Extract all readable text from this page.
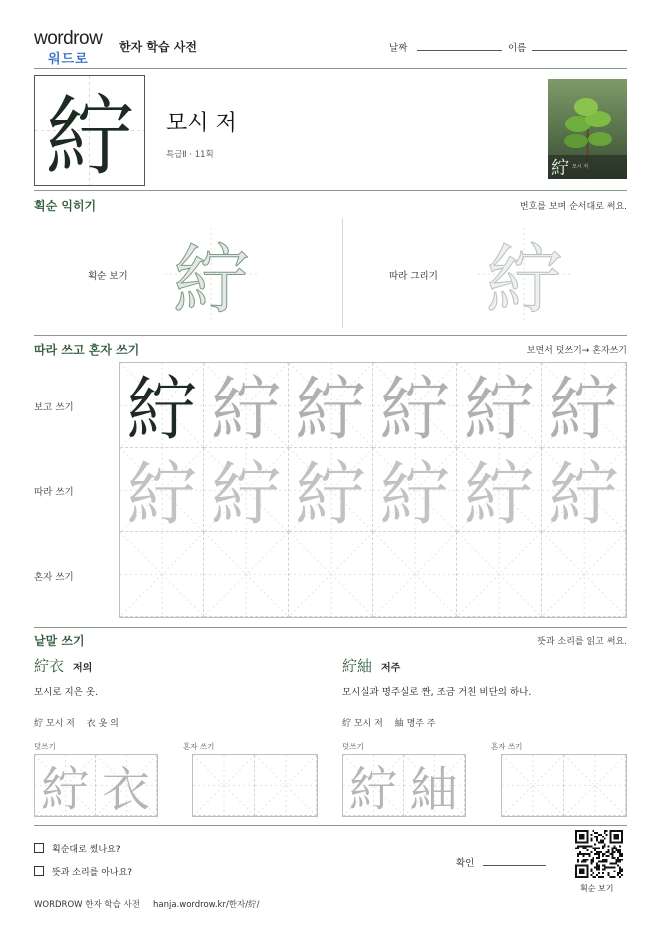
wordrow
워드로
한자 학습 사전	날짜	이름
紵	모시 저
특급Ⅱ · 11획
紵 모시 저
획순 익히기	번호를 보며 순서대로 써요.
획순 보기 紵	따라 그리기 紵
따라 쓰고 혼자 쓰기	보면서 덧쓰기→ 혼자쓰기
보고 쓰기
따라 쓰기
혼자 쓰기
紵 紵 紵 紵 紵 紵
紵 紵 紵 紵 紵 紵
낱말 쓰기	뜻과 소리를 읽고 써요.
紵衣 저의
모시로 지은 옷.
紵 모시 저 衣 옷 의
덧쓰기	혼자 쓰기
紵 衣
紵紬 저주
모시실과 명주실로 짠, 조금 거친 비단의 하나.
紵 모시 저 紬 명주 주
덧쓰기	혼자 쓰기
紵 紬
획순대로 썼나요?
뜻과 소리를 아나요?
확인
획순 보기
WORDROW 한자 학습 사전 hanja.wordrow.kr/한자/紵/
